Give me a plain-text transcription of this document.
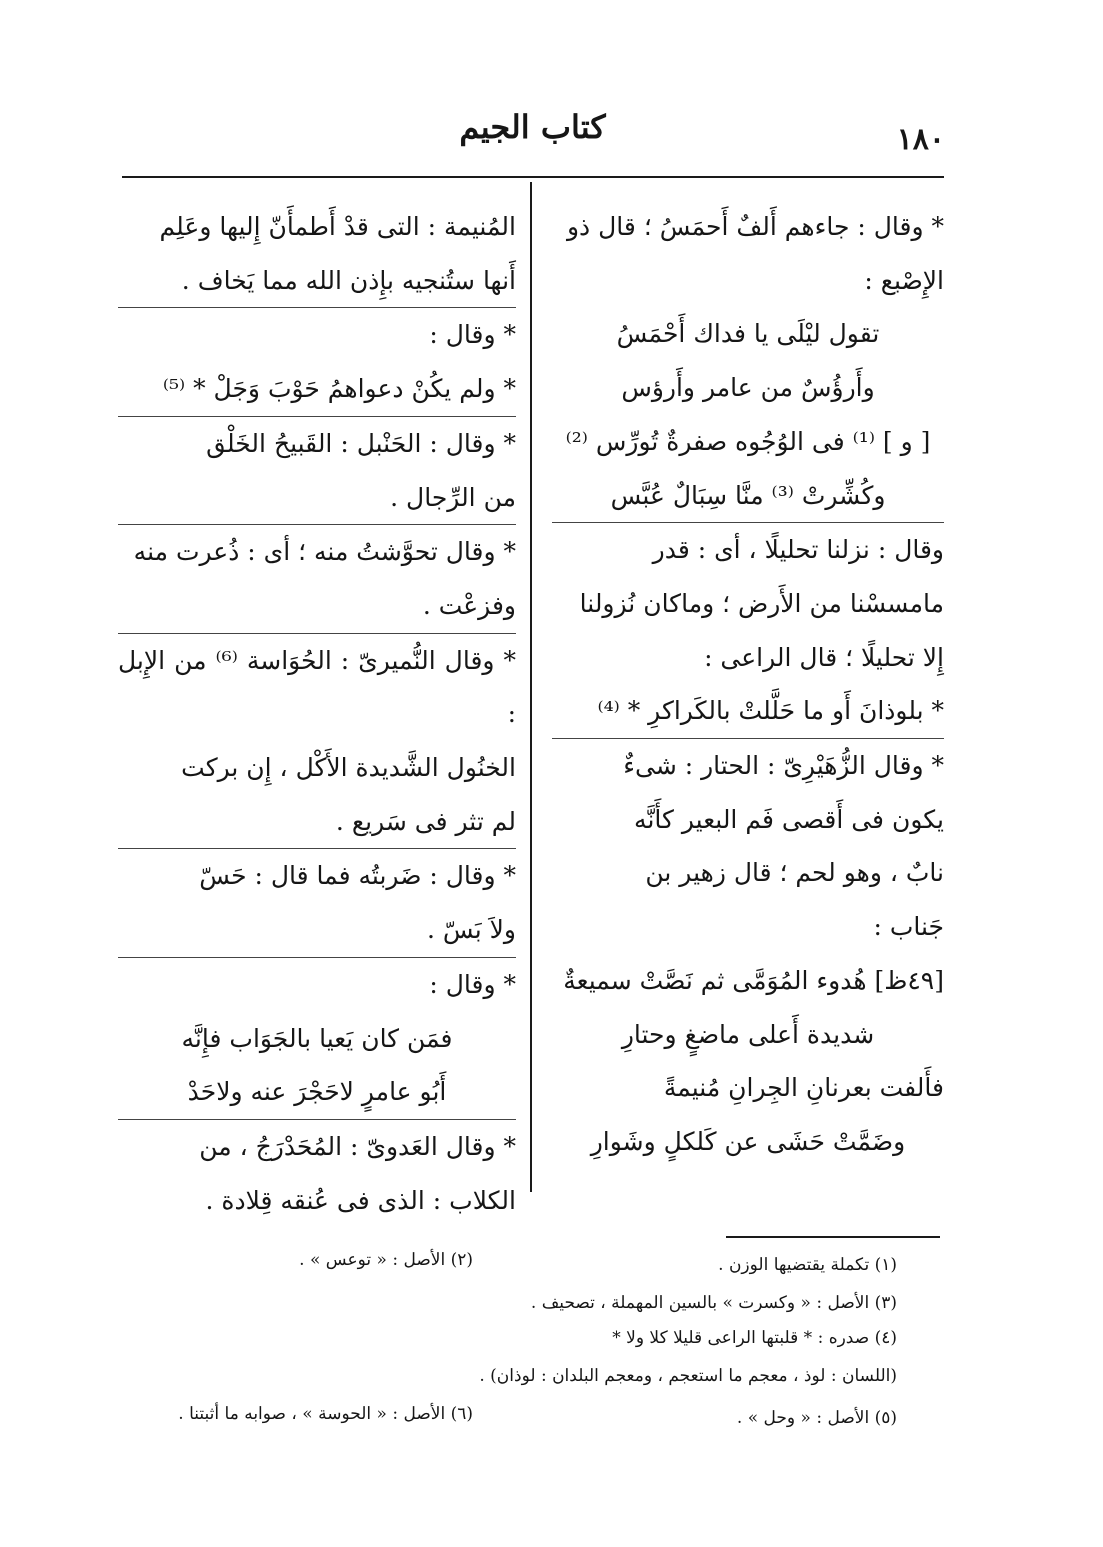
١٨٠
كتاب الجيم

* وقال : جاءهم أَلفٌ أَحمَسُ ؛ قال ذو

الإِصْبع :

تقول ليْلَى يا فداك أَحْمَسُ

وأَرؤُسٌ من عامر وأَرؤس

[ و ] ⁽¹⁾ فى الوُجُوه صفرةٌ تُورِّس ⁽²⁾

وكُشِّرتْ ⁽³⁾ منَّا سِبَالٌ عُبَّس

وقال : نزلنا تحليلًا ، أى : قدر

مامسسْنا من الأَرض ؛ وماكان نُزولنا

إِلا تحليلًا ؛ قال الراعى :

* بلوذانَ أَو ما حَلَّلتْ بالكَراكرِ * ⁽⁴⁾

* وقال الزُّهَيْرِىّ : الحتار : شىءٌ

يكون فى أَقصى فَم البعير كأَنَّه

نابٌ ، وهو لحم ؛ قال زهير بن

جَناب :

[٤٩ظ] هُدوء المُوَمَّى ثم نَصَّتْ سميعةٌ

شديدة أَعلى ماضغٍ وحتارِ

فأَلفت بعرنانِ الجِرانِ مُنيمةً

وضَمَّتْ حَشَى عن كَلكلٍ وشَوارِ

المُنيمة : التى قدْ أَطمأَنّ إِليها وعَلِم

أَنها ستُنجيه بإِذن الله مما يَخاف .

* وقال :

* ولم يكُنْ دعواهمُ حَوْبَ وَجَلْ * ⁽⁵⁾

* وقال : الحَنْبل : القَبيحُ الخَلْق

من الرِّجال .

* وقال تحوَّشتُ منه ؛ أى : ذُعرت منه

وفزعْت .

* وقال النُّميرىّ : الحُوَاسة ⁽⁶⁾ من الإِبل :

الخنُول الشَّديدة الأَكْل ، إِن بركت

لم تثر فى سَريع .

* وقال : ضَربتُه فما قال : حَسّ

ولاَ بَسّ .

* وقال :

فمَن كان يَعيا بالجَوَاب فإِنَّه

أَبُو عامرٍ لاحَجْرَ عنه ولاحَدْ

* وقال العَدوىّ : المُحَدْرَجُ ، من

الكلاب : الذى فى عُنقه قِلادة .

(١) تكملة يقتضيها الوزن .
(٢) الأصل : « توعس » .
(٣) الأصل : « وكسرت » بالسين المهملة ، تصحيف .
(٤) صدره : * قلبتها الراعى قليلا كلا ولا *
(اللسان : لوذ ، معجم ما استعجم ، ومعجم البلدان : لوذان) .
(٥) الأصل : « وحل » .
(٦) الأصل : « الحوسة » ، صوابه ما أثبتنا .
